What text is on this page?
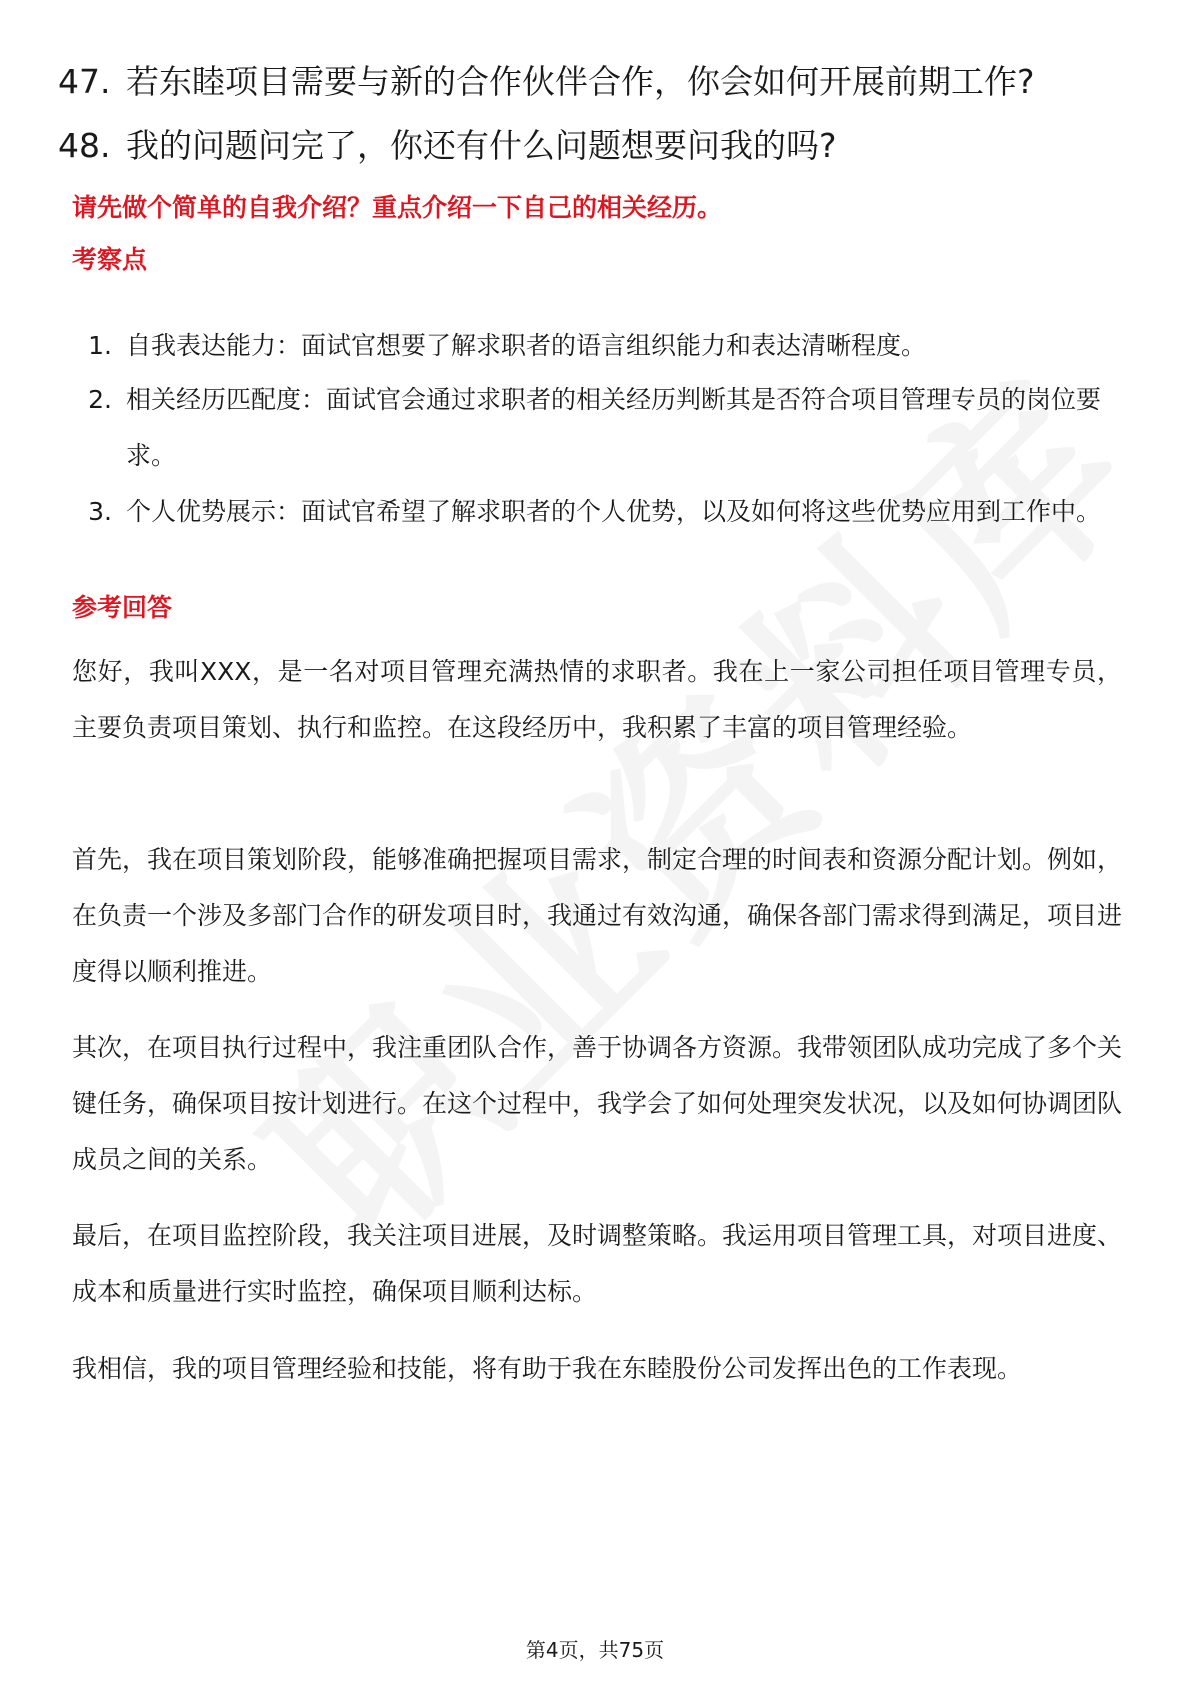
47. 若东睦项目需要与新的合作伙伴合作，你会如何开展前期工作?
48. 我的问题问完了，你还有什么问题想要问我的吗?
请先做个简单的自我介绍？重点介绍一下自己的相关经历。
考察点
1. 自我表达能力：面试官想要了解求职者的语言组织能力和表达清晰程度。
2. 相关经历匹配度：面试官会通过求职者的相关经历判断其是否符合项目管理专员的岗位要求。
3. 个人优势展示：面试官希望了解求职者的个人优势，以及如何将这些优势应用到工作中。
参考回答
您好，我叫XXX，是一名对项目管理充满热情的求职者。我在上一家公司担任项目管理专员，主要负责项目策划、执行和监控。在这段经历中，我积累了丰富的项目管理经验。
首先，我在项目策划阶段，能够准确把握项目需求，制定合理的时间表和资源分配计划。例如，在负责一个涉及多部门合作的研发项目时，我通过有效沟通，确保各部门需求得到满足，项目进度得以顺利推进。
其次，在项目执行过程中，我注重团队合作，善于协调各方资源。我带领团队成功完成了多个关键任务，确保项目按计划进行。在这个过程中，我学会了如何处理突发状况，以及如何协调团队成员之间的关系。
最后，在项目监控阶段，我关注项目进展，及时调整策略。我运用项目管理工具，对项目进度、成本和质量进行实时监控，确保项目顺利达标。
我相信，我的项目管理经验和技能，将有助于我在东睦股份公司发挥出色的工作表现。
第4页，共75页
